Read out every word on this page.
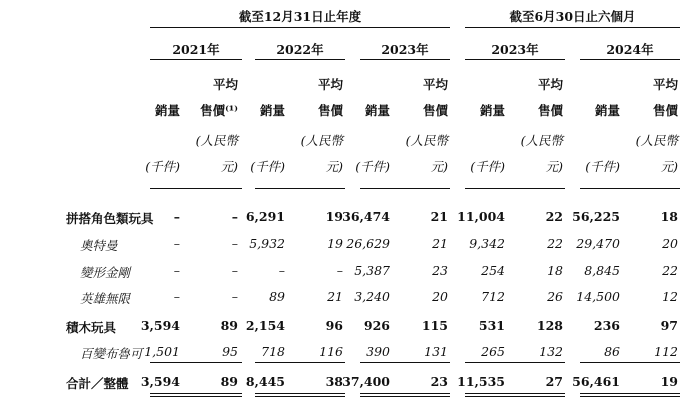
截至12月31日止年度	截至6月30日止六個月
2021年	2022年	2023年	2023年	2024年
平均	平均	平均	平均	平均
銷量 售價⁽¹⁾ 銷量	售價 銷量	售價	銷量	售價	銷量	售價
(人民幣	(人民幣	(人民幣	(人民幣	(人民幣
(千件)	元) (千件)	元) (千件)	元) (千件)	元) (千件)	元)
拼搭角色類玩具 –	– 6,291	19 36,474	21 11,004	22 56,225	18
奧特曼	–	– 5,932	19 26,629	21 9,342	22 29,470	20
變形金剛	–	–	–	– 5,387	23	254	18 8,845	22
英雄無限	–	– 89	21 3,240	20	712	26 14,500	12
積木玩具 3,594	89 2,154	96 926	115 531	128 236	97
百變布魯可 1,501	95 718	116 390	131	265	132	86	112
合計／整體 3,594	89 8,445	38 37,400	23 11,535	27 56,461	19
